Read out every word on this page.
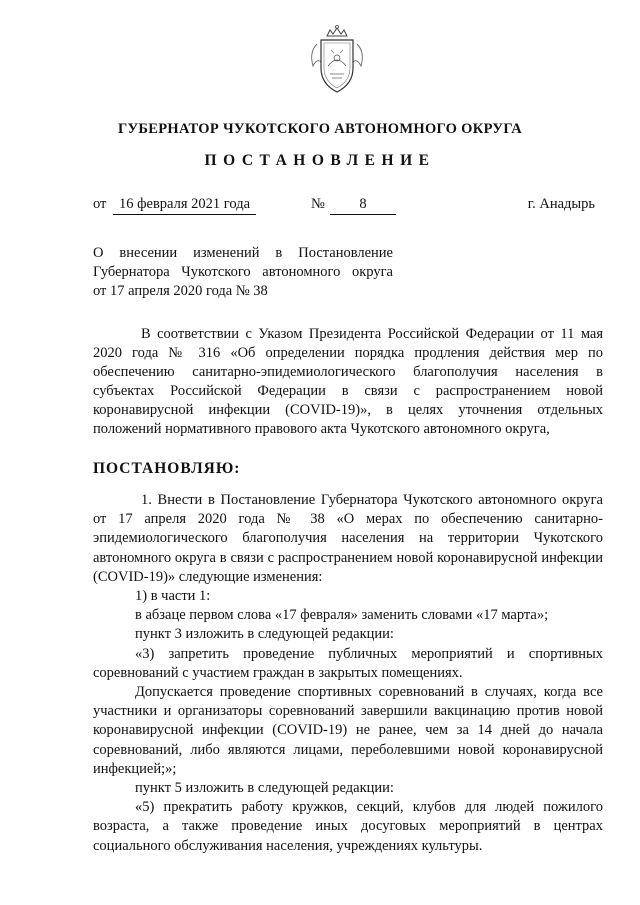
ГУБЕРНАТОР ЧУКОТСКОГО АВТОНОМНОГО ОКРУГА
ПОСТАНОВЛЕНИЕ
от 16 февраля 2021 года	№	8	г. Анадырь
О внесении изменений в Постановление
Губернатора Чукотского автономного округа
от 17 апреля 2020 года № 38
В соответствии с Указом Президента Российской Федерации от 11 мая 2020 года № 316 «Об определении порядка продления действия мер по обеспечению санитарно-эпидемиологического благополучия населения в субъектах Российской Федерации в связи с распространением новой коронавирусной инфекции (COVID-19)», в целях уточнения отдельных положений нормативного правового акта Чукотского автономного округа,
ПОСТАНОВЛЯЮ:

1. Внести в Постановление Губернатора Чукотского автономного округа от 17 апреля 2020 года № 38 «О мерах по обеспечению санитарно-эпидемиологического благополучия населения на территории Чукотского автономного округа в связи с распространением новой коронавирусной инфекции (COVID-19)» следующие изменения:

1) в части 1:

в абзаце первом слова «17 февраля» заменить словами «17 марта»;

пункт 3 изложить в следующей редакции:

«3) запретить проведение публичных мероприятий и спортивных соревнований с участием граждан в закрытых помещениях.

Допускается проведение спортивных соревнований в случаях, когда все участники и организаторы соревнований завершили вакцинацию против новой коронавирусной инфекции (COVID-19) не ранее, чем за 14 дней до начала соревнований, либо являются лицами, переболевшими новой коронавирусной инфекцией;»;

пункт 5 изложить в следующей редакции:

«5) прекратить работу кружков, секций, клубов для людей пожилого возраста, а также проведение иных досуговых мероприятий в центрах социального обслуживания населения, учреждениях культуры.
